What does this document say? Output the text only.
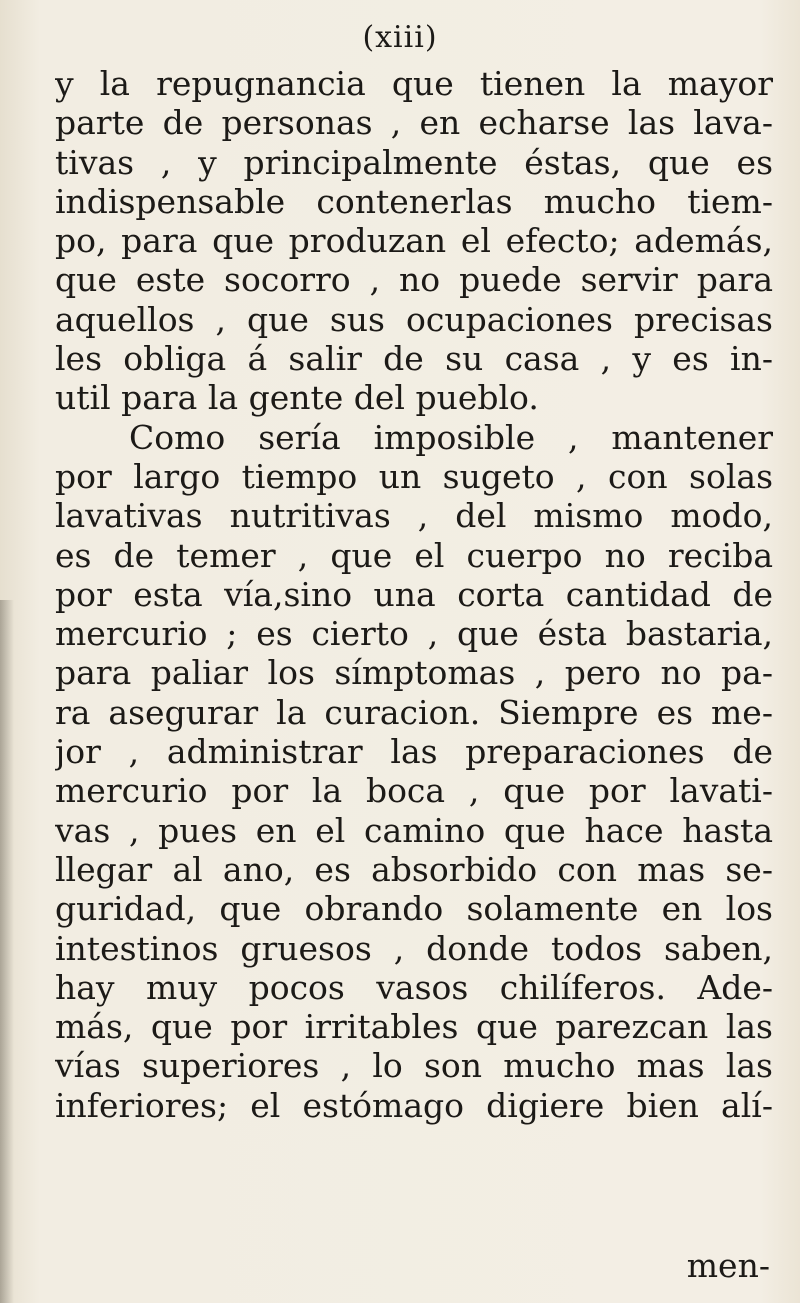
(xiii)
y la repugnancia que tienen la mayor
parte de personas , en echarse las lava-
tivas , y principalmente éstas, que es
indispensable contenerlas mucho tiem-
po, para que produzan el efecto; además,
que este socorro , no puede servir para
aquellos , que sus ocupaciones precisas
les obliga á salir de su casa , y es in-
util para la gente del pueblo.
Como sería imposible , mantener
por largo tiempo un sugeto , con solas
lavativas nutritivas , del mismo modo,
es de temer , que el cuerpo no reciba
por esta vía,sino una corta cantidad de
mercurio ; es cierto , que ésta bastaria,
para paliar los símptomas , pero no pa-
ra asegurar la curacion. Siempre es me-
jor , administrar las preparaciones de
mercurio por la boca , que por lavati-
vas , pues en el camino que hace hasta
llegar al ano, es absorbido con mas se-
guridad, que obrando solamente en los
intestinos gruesos , donde todos saben,
hay muy pocos vasos chilíferos. Ade-
más, que por irritables que parezcan las
vías superiores , lo son mucho mas las
inferiores; el estómago digiere bien alí-
men-
